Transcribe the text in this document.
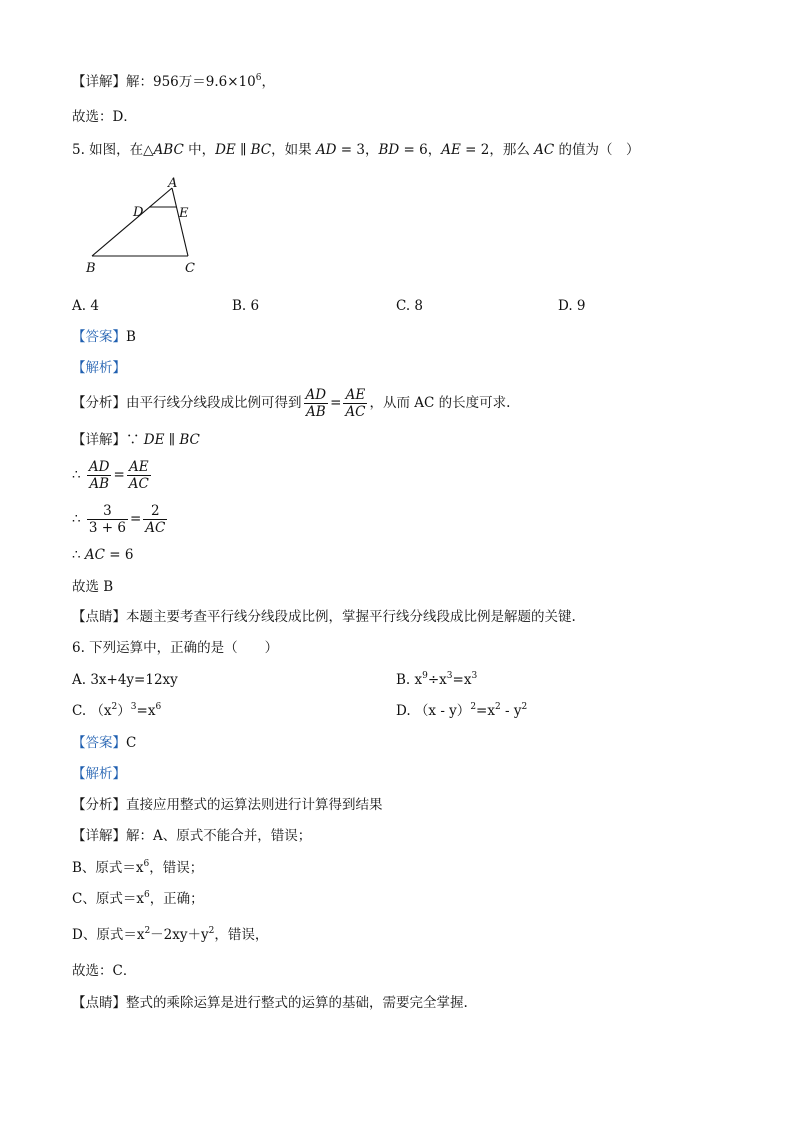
【详解】解：956万$=9.6\times 10^6$，
故选：D．
5. 如图，在△ABC 中，DE ∥ BC，如果 AD = 3，BD = 6，AE = 2，那么 AC 的值为（　）
A
D	E
B	C
A. 4	B. 6	C. 8	D. 9
【答案】B
【解析】
【分析】由平行线分线段成比例可得到 $\frac{AD}{AB} = \frac{AE}{AC}$ ，从而 AC 的长度可求.
【详解】∵ DE ∥ BC
∴ $\frac{AD}{AB} = \frac{AE}{AC}$
∴ $\frac{3}{3 + 6} = \frac{2}{AC}$
∴ AC = 6
故选 B
【点睛】本题主要考查平行线分线段成比例，掌握平行线分线段成比例是解题的关键.
6. 下列运算中，正确的是（　　）
A. 3x+4y=12xy	B. $x^9\div x^3=x^3$
C. $(x^2)^3=x^6$	D. $(x - y)^2=x^2 - y^2$
【答案】C
【解析】
【分析】直接应用整式的运算法则进行计算得到结果
【详解】解：A、原式不能合并，错误；
B、原式$=x^6$，错误；
C、原式$=x^6$，正确；
D、原式$=x^2-2xy+y^2$，错误，
故选：C．
【点睛】整式的乘除运算是进行整式的运算的基础，需要完全掌握.
